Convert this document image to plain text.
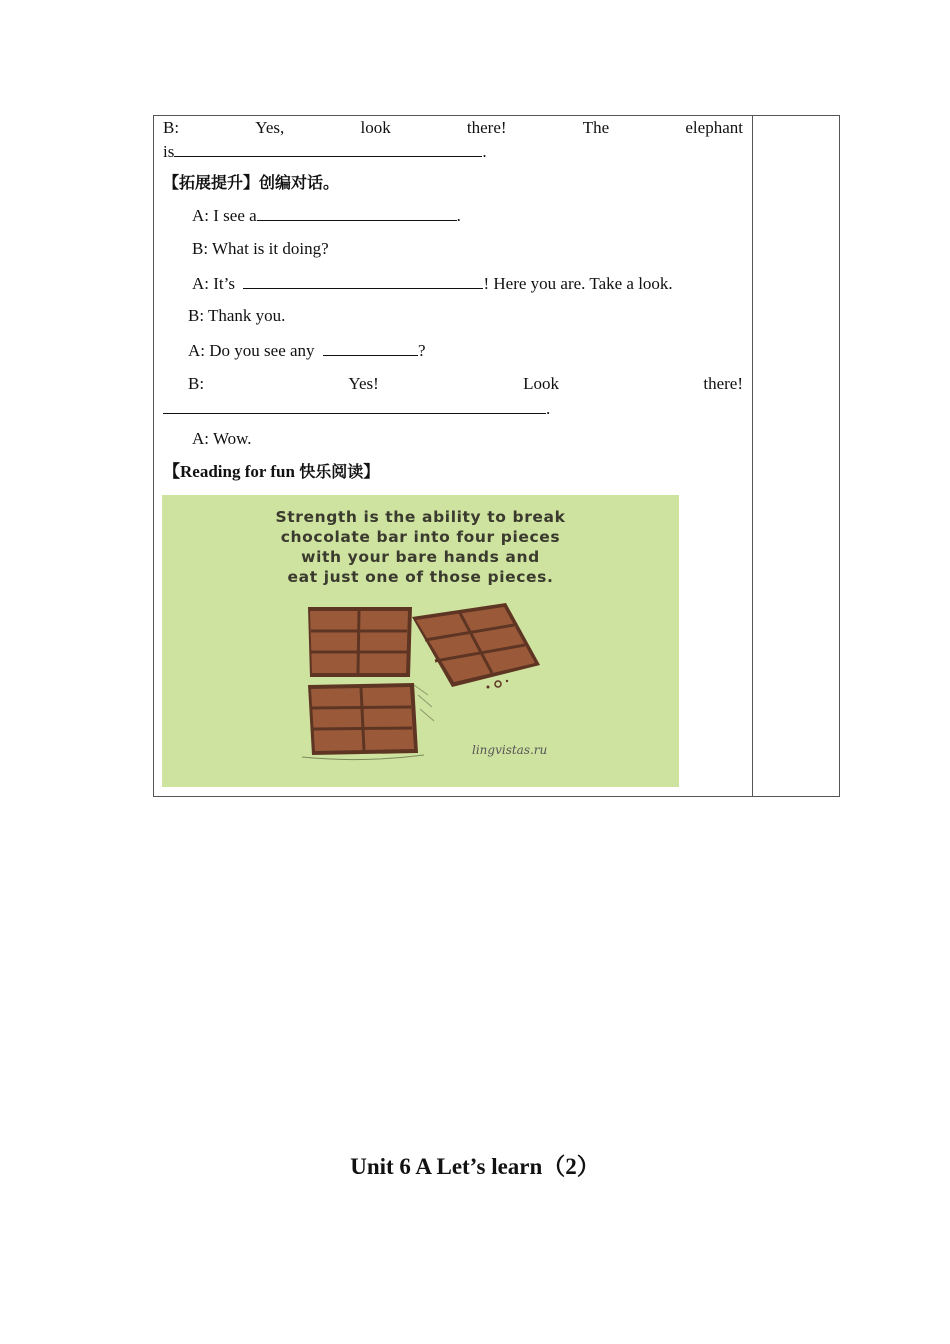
B:	Yes,	look	there!	The	elephant
is	.
【拓展提升】创编对话。
A: I see a	.
B: What is it doing?
A: It’s	! Here you are. Take a look.
B: Thank you.
A: Do you see any	?
B:	Yes!	Look	there!
.
A: Wow.
【Reading for fun 快乐阅读】
Strength is the ability to break
chocolate bar into four pieces
with your bare hands and
eat just one of those pieces.
lingvistas.ru
Unit 6 A Let’s learn（2）
